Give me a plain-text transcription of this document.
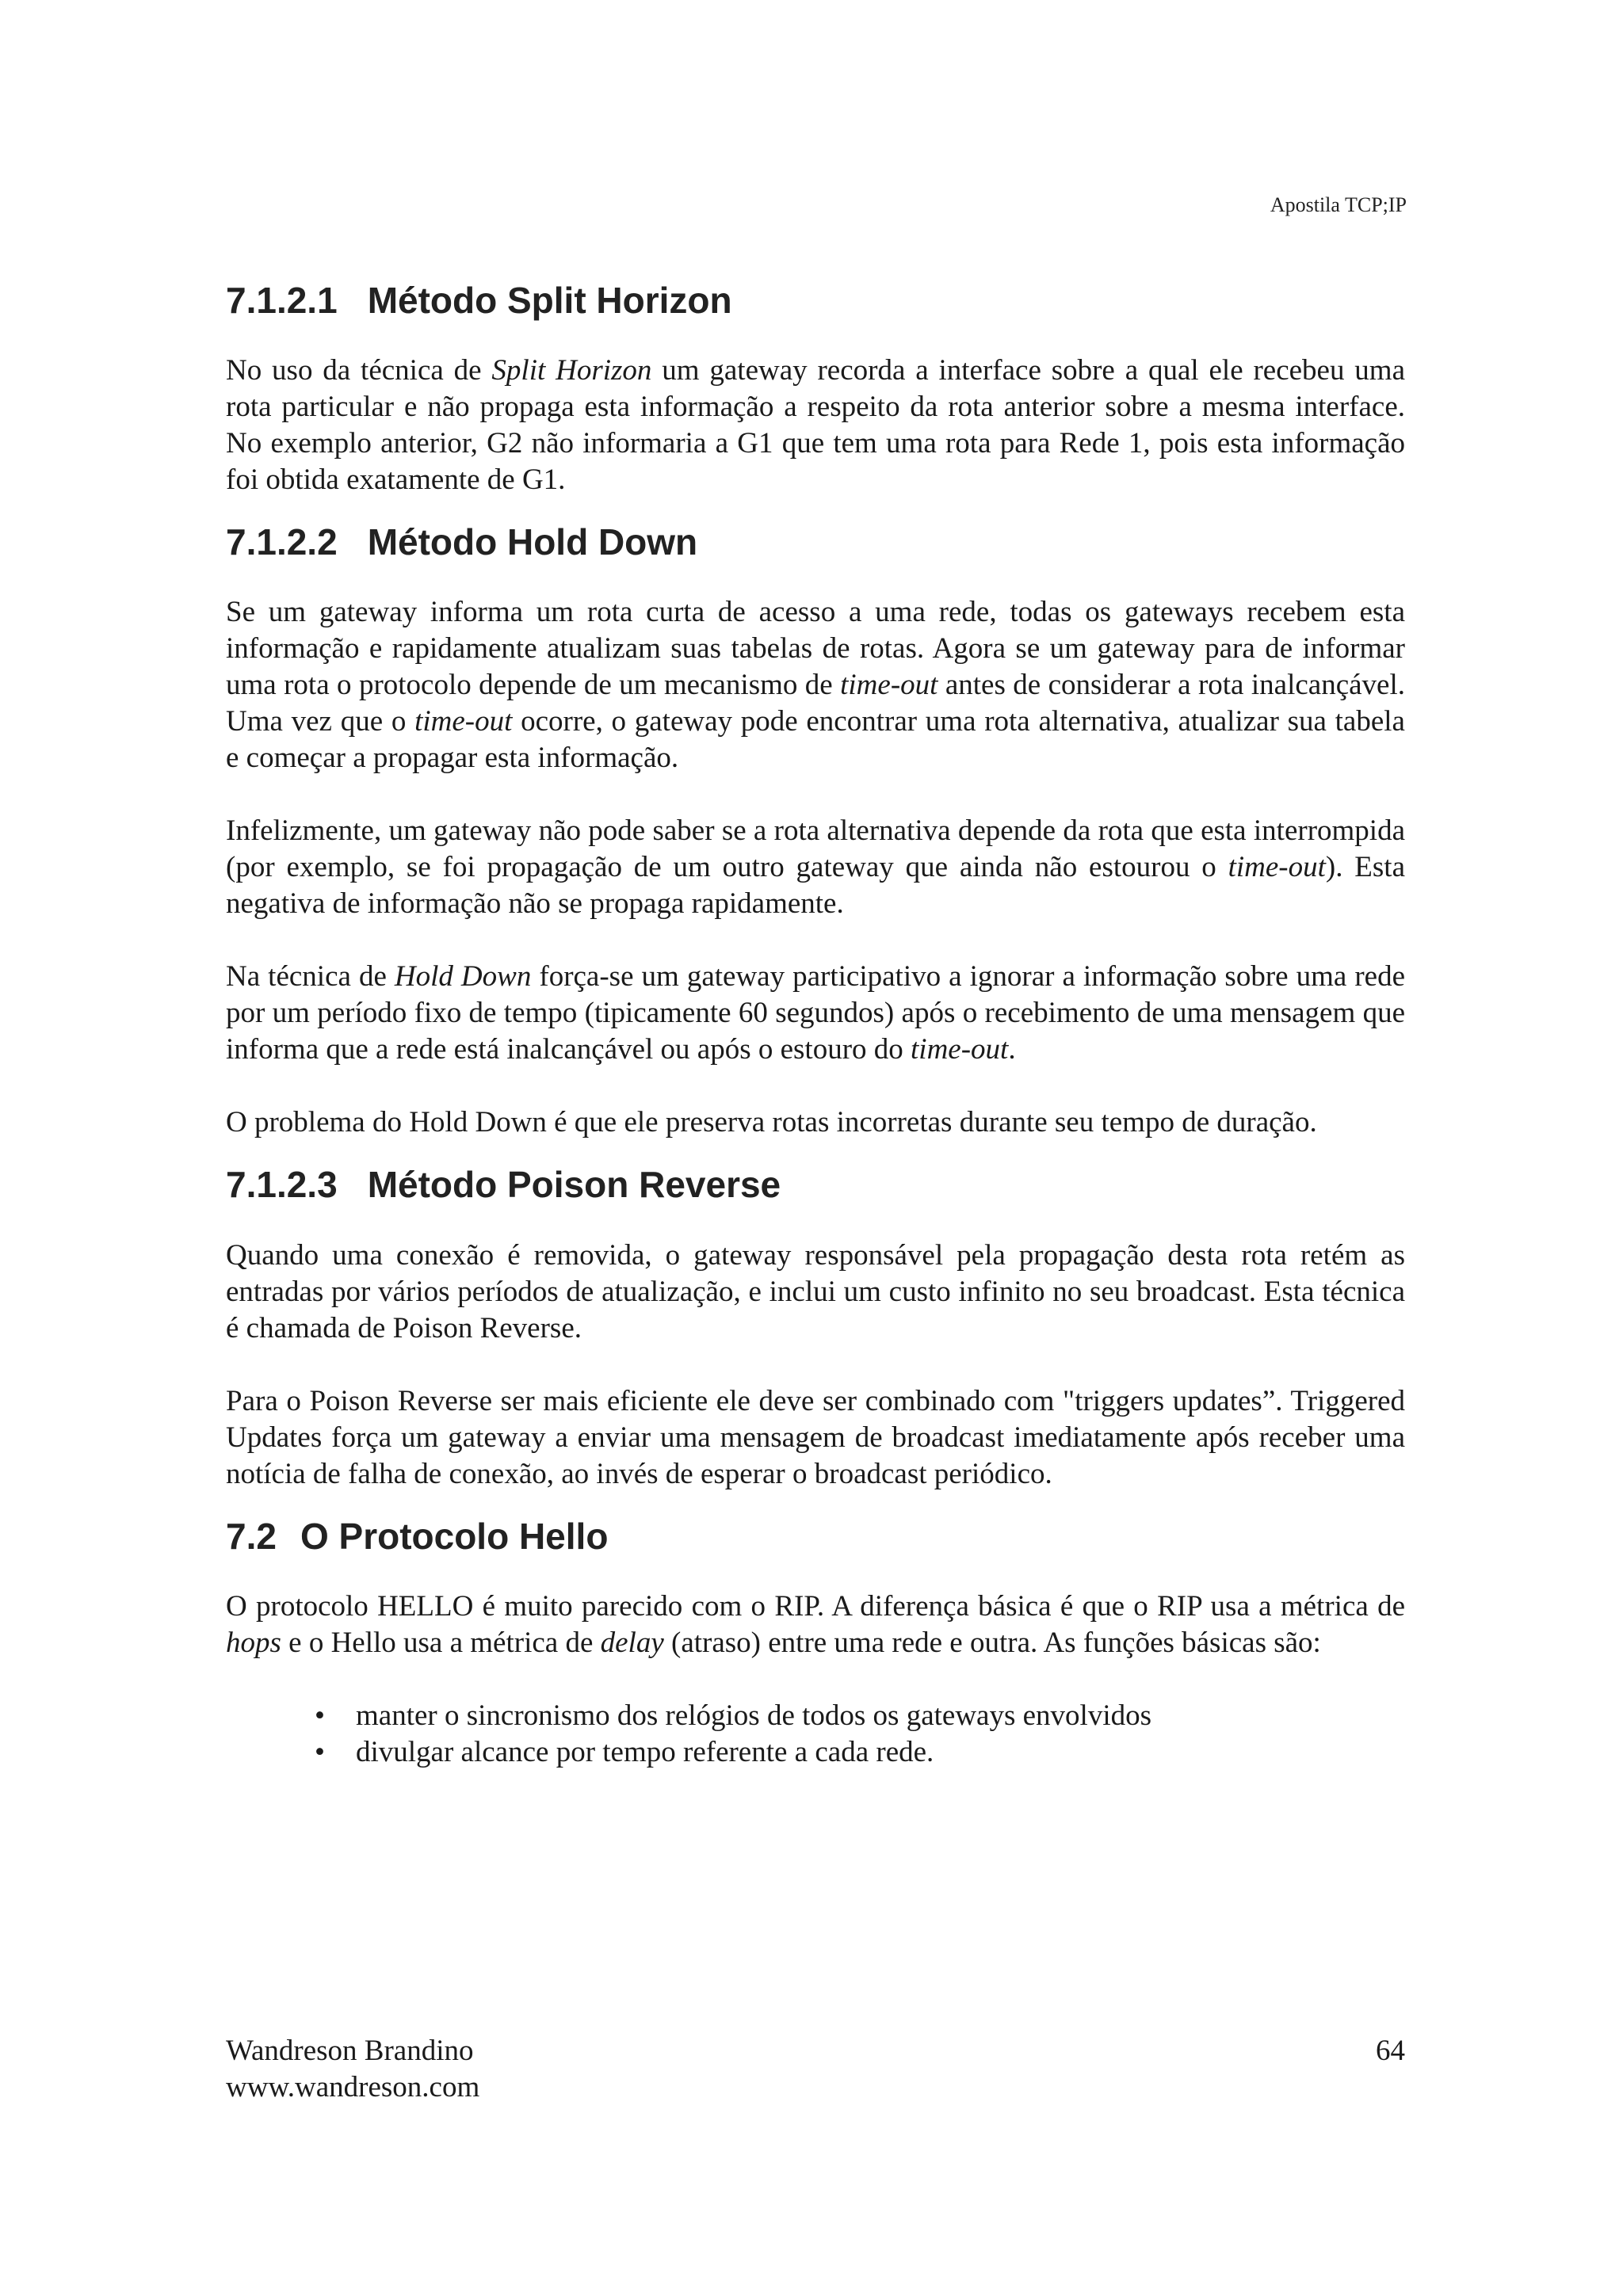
Apostila TCP;IP
7.1.2.1 Método Split Horizon

No uso da técnica de Split Horizon um gateway recorda a interface sobre a qual ele recebeu uma rota particular e não propaga esta informação a respeito da rota anterior sobre a mesma interface. No exemplo anterior, G2 não informaria a G1 que tem uma rota para Rede 1, pois esta informação foi obtida exatamente de G1.

7.1.2.2 Método Hold Down

Se um gateway informa um rota curta de acesso a uma rede, todas os gateways recebem esta informação e rapidamente atualizam suas tabelas de rotas. Agora se um gateway para de informar uma rota o protocolo depende de um mecanismo de time-out antes de considerar a rota inalcançável. Uma vez que o time-out ocorre, o gateway pode encontrar uma rota alternativa, atualizar sua tabela e começar a propagar esta informação.

Infelizmente, um gateway não pode saber se a rota alternativa depende da rota que esta interrompida (por exemplo, se foi propagação de um outro gateway que ainda não estourou o time-out). Esta negativa de informação não se propaga rapidamente.

Na técnica de Hold Down força-se um gateway participativo a ignorar a informação sobre uma rede por um período fixo de tempo (tipicamente 60 segundos) após o recebimento de uma mensagem que informa que a rede está inalcançável ou após o estouro do time-out.

O problema do Hold Down é que ele preserva rotas incorretas durante seu tempo de duração.

7.1.2.3 Método Poison Reverse

Quando uma conexão é removida, o gateway responsável pela propagação desta rota retém as entradas por vários períodos de atualização, e inclui um custo infinito no seu broadcast. Esta técnica é chamada de Poison Reverse.

Para o Poison Reverse ser mais eficiente ele deve ser combinado com "triggers updates”. Triggered Updates força um gateway a enviar uma mensagem de broadcast imediatamente após receber uma notícia de falha de conexão, ao invés de esperar o broadcast periódico.

7.2 O Protocolo Hello

O protocolo HELLO é muito parecido com o RIP. A diferença básica é que o RIP usa a métrica de hops e o Hello usa a métrica de delay (atraso) entre uma rede e outra. As funções básicas são:

• manter o sincronismo dos relógios de todos os gateways envolvidos
• divulgar alcance por tempo referente a cada rede.
Wandreson Brandino
www.wandreson.com
64
